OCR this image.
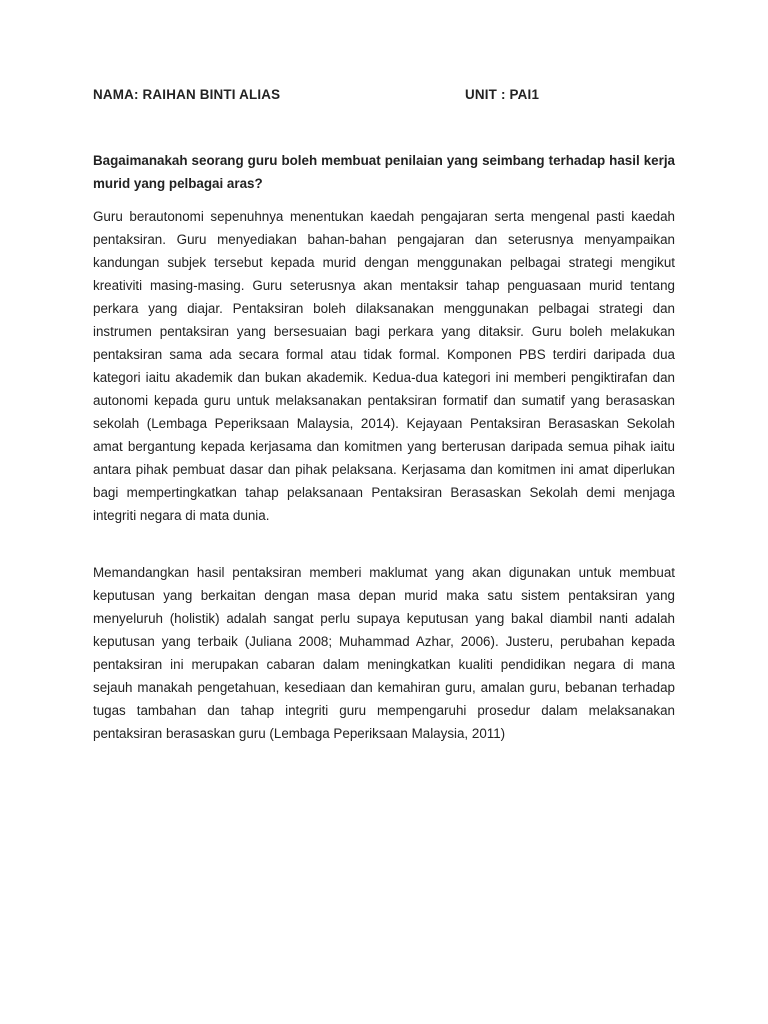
NAMA: RAIHAN BINTI ALIAS	UNIT : PAI1
Bagaimanakah seorang guru boleh membuat penilaian yang seimbang terhadap hasil kerja murid yang pelbagai aras?

Guru berautonomi sepenuhnya menentukan kaedah pengajaran serta mengenal pasti kaedah pentaksiran. Guru menyediakan bahan-bahan pengajaran dan seterusnya menyampaikan kandungan subjek tersebut kepada murid dengan menggunakan pelbagai strategi mengikut kreativiti masing-masing. Guru seterusnya akan mentaksir tahap penguasaan murid tentang perkara yang diajar. Pentaksiran boleh dilaksanakan menggunakan pelbagai strategi dan instrumen pentaksiran yang bersesuaian bagi perkara yang ditaksir. Guru boleh melakukan pentaksiran sama ada secara formal atau tidak formal. Komponen PBS terdiri daripada dua kategori iaitu akademik dan bukan akademik. Kedua-dua kategori ini memberi pengiktirafan dan autonomi kepada guru untuk melaksanakan pentaksiran formatif dan sumatif yang berasaskan sekolah (Lembaga Peperiksaan Malaysia, 2014). Kejayaan Pentaksiran Berasaskan Sekolah amat bergantung kepada kerjasama dan komitmen yang berterusan daripada semua pihak iaitu antara pihak pembuat dasar dan pihak pelaksana. Kerjasama dan komitmen ini amat diperlukan bagi mempertingkatkan tahap pelaksanaan Pentaksiran Berasaskan Sekolah demi menjaga integriti negara di mata dunia.

Memandangkan hasil pentaksiran memberi maklumat yang akan digunakan untuk membuat keputusan yang berkaitan dengan masa depan murid maka satu sistem pentaksiran yang menyeluruh (holistik) adalah sangat perlu supaya keputusan yang bakal diambil nanti adalah keputusan yang terbaik (Juliana 2008; Muhammad Azhar, 2006). Justeru, perubahan kepada pentaksiran ini merupakan cabaran dalam meningkatkan kualiti pendidikan negara di mana sejauh manakah pengetahuan, kesediaan dan kemahiran guru, amalan guru, bebanan terhadap tugas tambahan dan tahap integriti guru mempengaruhi prosedur dalam melaksanakan pentaksiran berasaskan guru (Lembaga Peperiksaan Malaysia, 2011)
